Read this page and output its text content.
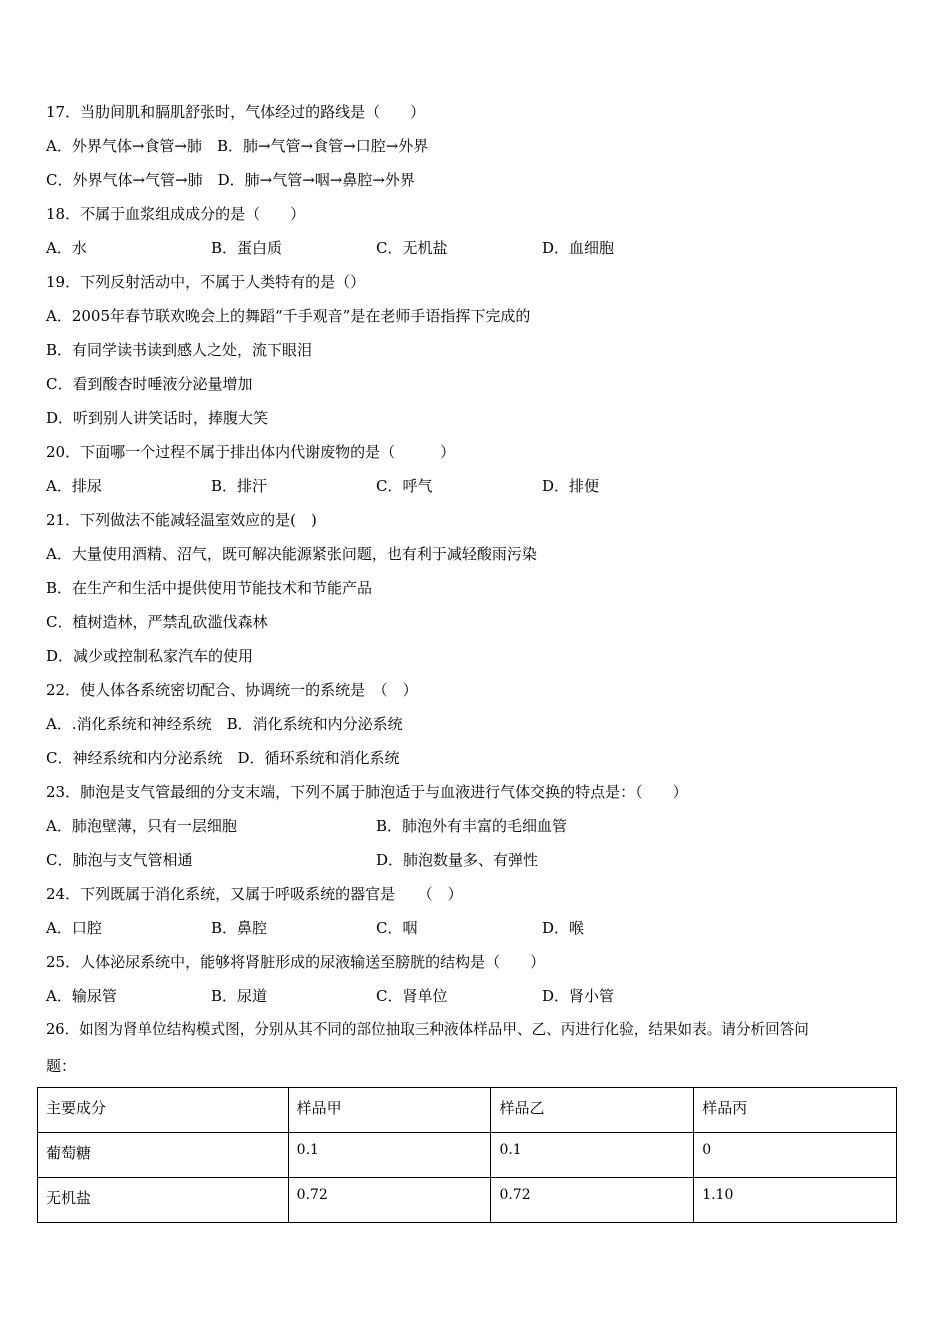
17．当肋间肌和膈肌舒张时，气体经过的路线是（　　）
A．外界气体→食管→肺　B．肺→气管→食管→口腔→外界
C．外界气体→气管→肺　D．肺→气管→咽→鼻腔→外界
18．不属于血浆组成成分的是（　　）
A．水	B．蛋白质	C．无机盐	D．血细胞
19．下列反射活动中，不属于人类特有的是（）
A．2005年春节联欢晚会上的舞蹈“千手观音”是在老师手语指挥下完成的
B．有同学读书读到感人之处，流下眼泪
C．看到酸杏时唾液分泌量增加
D．听到别人讲笑话时，捧腹大笑
20．下面哪一个过程不属于排出体内代谢废物的是（　　　）
A．排尿	B．排汗	C．呼气	D．排便
21．下列做法不能减轻温室效应的是(　)
A．大量使用酒精、沼气，既可解决能源紧张问题，也有利于减轻酸雨污染
B．在生产和生活中提供使用节能技术和节能产品
C．植树造林，严禁乱砍滥伐森林
D．减少或控制私家汽车的使用
22．使人体各系统密切配合、协调统一的系统是　（　）
A．.消化系统和神经系统　B．消化系统和内分泌系统
C．神经系统和内分泌系统　D．循环系统和消化系统
23．肺泡是支气管最细的分支末端，下列不属于肺泡适于与血液进行气体交换的特点是：（　　）
A．肺泡壁薄，只有一层细胞	B．肺泡外有丰富的毛细血管
C．肺泡与支气管相通	D．肺泡数量多、有弹性
24．下列既属于消化系统，又属于呼吸系统的器官是　　（　）
A．口腔	B．鼻腔	C．咽	D．喉
25．人体泌尿系统中，能够将肾脏形成的尿液输送至膀胱的结构是（　　）
A．输尿管	B．尿道	C．肾单位	D．肾小管
26．如图为肾单位结构模式图，分别从其不同的部位抽取三种液体样品甲、乙、丙进行化验，结果如表。请分析回答问
题：
主要成分	样品甲	样品乙	样品丙
葡萄糖	0.1	0.1	0
无机盐	0.72	0.72	1.10
